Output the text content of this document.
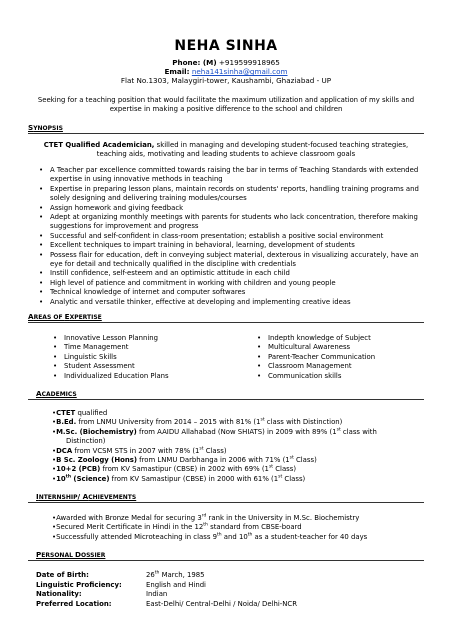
NEHA SINHA
Phone: (M) +919599918965
Email: neha141sinha@gmail.com
Flat No.1303, Malaygiri-tower, Kaushambi, Ghaziabad - UP
Seeking for a teaching position that would facilitate the maximum utilization and application of my skills and expertise in making a positive difference to the school and children
SYNOPSIS
CTET Qualified Academician, skilled in managing and developing student-focused teaching strategies, teaching aids, motivating and leading students to achieve classroom goals
• A Teacher par excellence committed towards raising the bar in terms of Teaching Standards with extended expertise in using innovative methods in teaching
• Expertise in preparing lesson plans, maintain records on students' reports, handling training programs and solely designing and delivering training modules/courses
• Assign homework and giving feedback
• Adept at organizing monthly meetings with parents for students who lack concentration, therefore making suggestions for improvement and progress
• Successful and self-confident in class-room presentation; establish a positive social environment
• Excellent techniques to impart training in behavioral, learning, development of students
• Possess flair for education, deft in conveying subject material, dexterous in visualizing accurately, have an eye for detail and technically qualified in the discipline with credentials
• Instill confidence, self-esteem and an optimistic attitude in each child
• High level of patience and commitment in working with children and young people
• Technical knowledge of internet and computer softwares
• Analytic and versatile thinker, effective at developing and implementing creative ideas
AREAS OF EXPERTISE
• Innovative Lesson Planning
• Time Management
• Linguistic Skills
• Student Assessment
• Individualized Education Plans
• Indepth knowledge of Subject
• Multicultural Awareness
• Parent-Teacher Communication
• Classroom Management
• Communication skills
ACADEMICS
•CTET qualified
•B.Ed. from LNMU University from 2014 – 2015 with 81% (1st class with Distinction)
•M.Sc. (Biochemistry) from AAIDU Allahabad (Now SHIATS) in 2009 with 89% (1st class with
Distinction)
•DCA from VCSM STS in 2007 with 78% (1st Class)
•B Sc. Zoology (Hons) from LNMU Darbhanga in 2006 with 71% (1st Class)
•10+2 (PCB) from KV Samastipur (CBSE) in 2002 with 69% (1st Class)
•10th (Science) from KV Samastipur (CBSE) in 2000 with 61% (1st Class)
INTERNSHIP/ ACHIEVEMENTS
•Awarded with Bronze Medal for securing 3rd rank in the University in M.Sc. Biochemistry
•Secured Merit Certificate in Hindi in the 12th standard from CBSE-board
•Successfully attended Microteaching in class 9th and 10th as a student-teacher for 40 days
PERSONAL DOSSIER
Date of Birth:	26th March, 1985
Linguistic Proficiency:	English and Hindi
Nationality:	Indian
Preferred Location:	East-Delhi/ Central-Delhi / Noida/ Delhi-NCR
